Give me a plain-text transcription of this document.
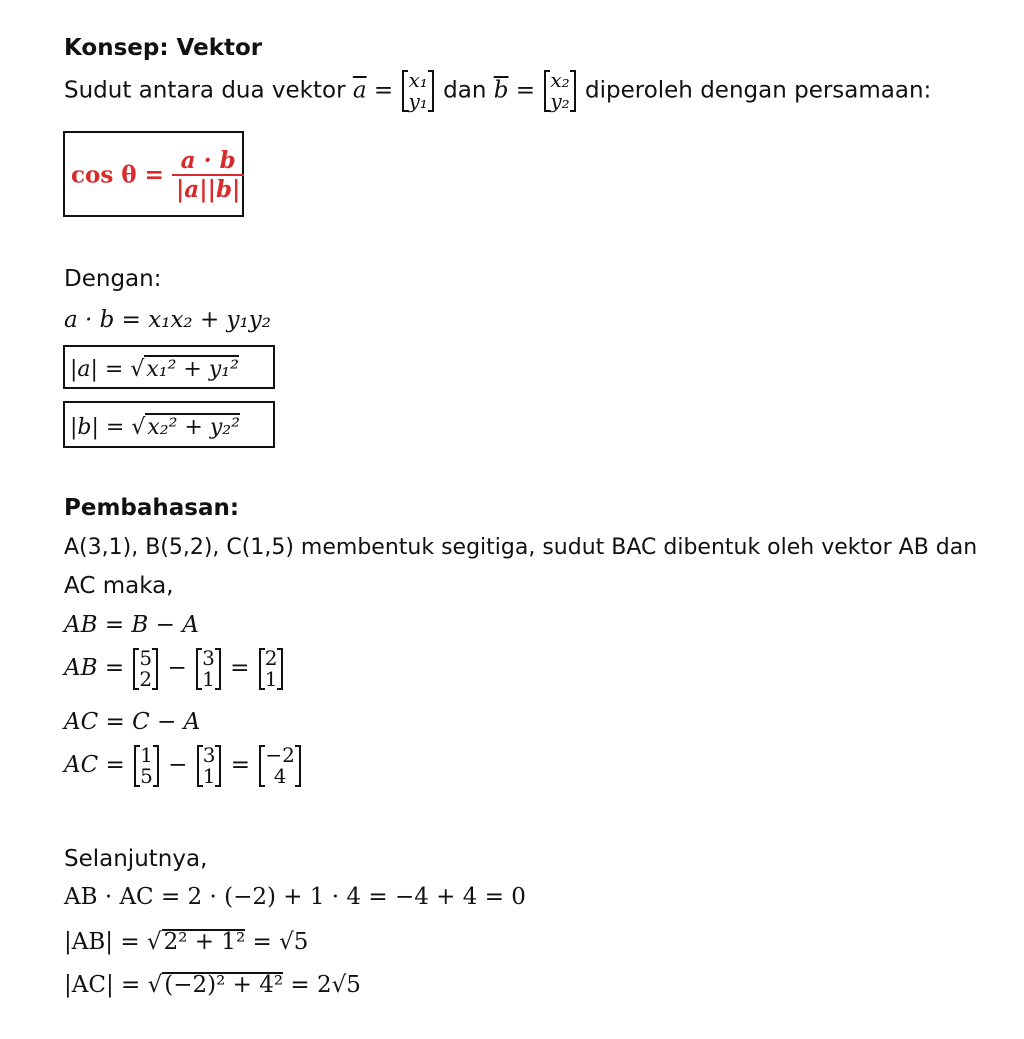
Konsep: Vektor
Sudut antara dua vektor $\overline{a} = x_1$
y₁ dan $\overline{b} = x_2$
y₂ diperoleh dengan persamaan:
$\cos \theta = \frac{a \cdot b}{|a||b|}$
Dengan:
a · b = x₁x₂ + y₁y₂
|a| = √x₁² + y₁²
|b| = √x₂² + y₂²
Pembahasan:
A(3,1), B(5,2), C(1,5) membentuk segitiga, sudut BAC dibentuk oleh vektor AB dan
AC maka,
AB = B − A
AB = 5
2 − 3
1 = 2
1
AC = C − A
AC = 1
5 − 3
1 = −2
4
Selanjutnya,
AB · AC = 2 · (−2) + 1 · 4 = −4 + 4 = 0
|AB| = √2² + 1² = √5
|AC| = √(−2)² + 4² = 2√5
